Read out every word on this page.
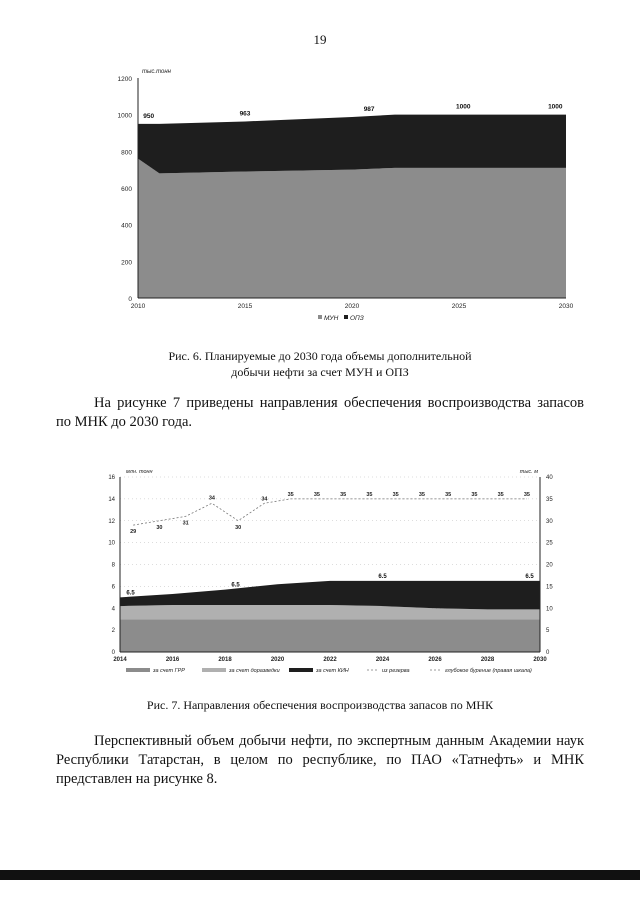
19
0
200
400
600
800
1000
1200
2010	2015	2020	2025	2030
тыс.тонн
950	963
987	1000	1000
МУН ОПЗ
Рис. 6. Планируемые до 2030 года объемы дополнительной
добычи нефти за счет МУН и ОПЗ
На рисунке 7 приведены направления обеспечения воспроизводства запасов по МНК до 2030 года.
6.5
6.5
6.5	6.5
29
30
31
34
30
34
35	35	35	35	35	35	35	35	35	35
0
2
4
6
8
10
12
14
16
0
5
10
15
20
25
30
35
40
2014	2016	2018	2020	2022	2024	2026	2028	2030
млн. тонн	тыс. м
за счет ГРР	за счет доразведки	за счет КИН	из резерва	глубокое бурение (правая шкала)
Рис. 7. Направления обеспечения воспроизводства запасов по МНК
Перспективный объем добычи нефти, по экспертным данным Академии наук Республики Татарстан, в целом по республике, по ПАО «Татнефть» и МНК представлен на рисунке 8.
